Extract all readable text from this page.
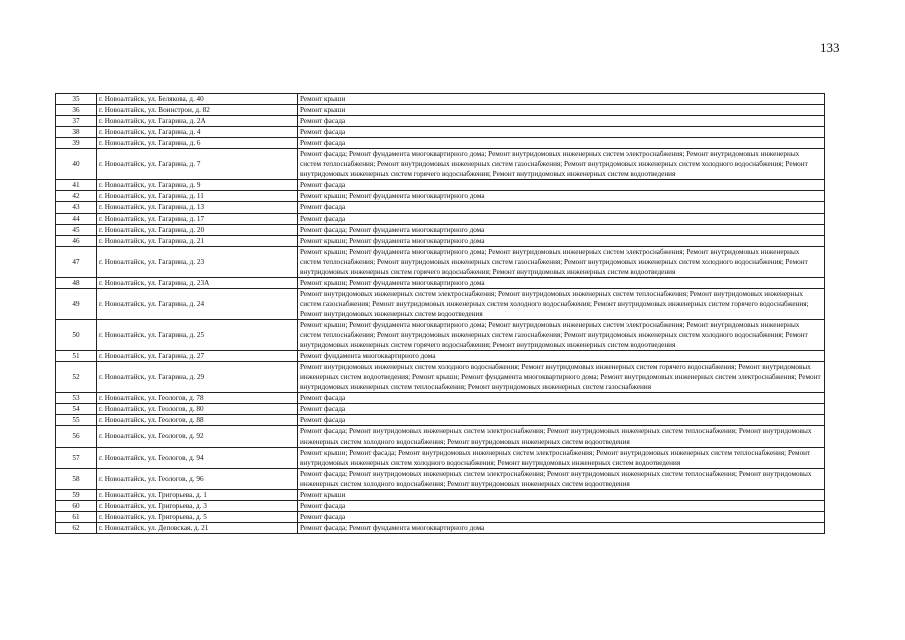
133
35	г. Новоалтайск, ул. Белякова, д. 40	Ремонт крыши
36	г. Новоалтайск, ул. Воинстрои, д. 82	Ремонт крыши
37	г. Новоалтайск, ул. Гагарина, д. 2А	Ремонт фасада
38	г. Новоалтайск, ул. Гагарина, д. 4	Ремонт фасада
39	г. Новоалтайск, ул. Гагарина, д. 6	Ремонт фасада
40	г. Новоалтайск, ул. Гагарина, д. 7	Ремонт фасада; Ремонт фундамента многоквартирного дома; Ремонт внутридомовых инженерных систем электроснабжения; Ремонт внутридомовых инженерных систем теплоснабжения; Ремонт внутридомовых инженерных систем газоснабжения; Ремонт внутридомовых инженерных систем холодного водоснабжения; Ремонт внутридомовых инженерных систем горячего водоснабжения; Ремонт внутридомовых инженерных систем водоотведения
41	г. Новоалтайск, ул. Гагарина, д. 9	Ремонт фасада
42	г. Новоалтайск, ул. Гагарина, д. 11	Ремонт крыши; Ремонт фундамента многоквартирного дома
43	г. Новоалтайск, ул. Гагарина, д. 13	Ремонт фасада
44	г. Новоалтайск, ул. Гагарина, д. 17	Ремонт фасада
45	г. Новоалтайск, ул. Гагарина, д. 20	Ремонт фасада; Ремонт фундамента многоквартирного дома
46	г. Новоалтайск, ул. Гагарина, д. 21	Ремонт крыши; Ремонт фундамента многоквартирного дома
47	г. Новоалтайск, ул. Гагарина, д. 23	Ремонт крыши; Ремонт фундамента многоквартирного дома; Ремонт внутридомовых инженерных систем электроснабжения; Ремонт внутридомовых инженерных систем теплоснабжения; Ремонт внутридомовых инженерных систем газоснабжения; Ремонт внутридомовых инженерных систем холодного водоснабжения; Ремонт внутридомовых инженерных систем горячего водоснабжения; Ремонт внутридомовых инженерных систем водоотведения
48	г. Новоалтайск, ул. Гагарина, д. 23А	Ремонт крыши; Ремонт фундамента многоквартирного дома
49	г. Новоалтайск, ул. Гагарина, д. 24	Ремонт внутридомовых инженерных систем электроснабжения; Ремонт внутридомовых инженерных систем теплоснабжения; Ремонт внутридомовых инженерных систем газоснабжения; Ремонт внутридомовых инженерных систем холодного водоснабжения; Ремонт внутридомовых инженерных систем горячего водоснабжения; Ремонт внутридомовых инженерных систем водоотведения
50	г. Новоалтайск, ул. Гагарина, д. 25	Ремонт крыши; Ремонт фундамента многоквартирного дома; Ремонт внутридомовых инженерных систем электроснабжения; Ремонт внутридомовых инженерных систем теплоснабжения; Ремонт внутридомовых инженерных систем газоснабжения; Ремонт внутридомовых инженерных систем холодного водоснабжения; Ремонт внутридомовых инженерных систем горячего водоснабжения; Ремонт внутридомовых инженерных систем водоотведения
51	г. Новоалтайск, ул. Гагарина, д. 27	Ремонт фундамента многоквартирного дома
52	г. Новоалтайск, ул. Гагарина, д. 29	Ремонт внутридомовых инженерных систем холодного водоснабжения; Ремонт внутридомовых инженерных систем горячего водоснабжения; Ремонт внутридомовых инженерных систем водоотведения; Ремонт крыши; Ремонт фундамента многоквартирного дома; Ремонт внутридомовых инженерных систем электроснабжения; Ремонт внутридомовых инженерных систем теплоснабжения; Ремонт внутридомовых инженерных систем газоснабжения
53	г. Новоалтайск, ул. Геологов, д. 78	Ремонт фасада
54	г. Новоалтайск, ул. Геологов, д. 80	Ремонт фасада
55	г. Новоалтайск, ул. Геологов, д. 88	Ремонт фасада
56	г. Новоалтайск, ул. Геологов, д. 92	Ремонт фасада; Ремонт внутридомовых инженерных систем электроснабжения; Ремонт внутридомовых инженерных систем теплоснабжения; Ремонт внутридомовых инженерных систем холодного водоснабжения; Ремонт внутридомовых инженерных систем водоотведения
57	г. Новоалтайск, ул. Геологов, д. 94	Ремонт крыши; Ремонт фасада; Ремонт внутридомовых инженерных систем электроснабжения; Ремонт внутридомовых инженерных систем теплоснабжения; Ремонт внутридомовых инженерных систем холодного водоснабжения; Ремонт внутридомовых инженерных систем водоотведения
58	г. Новоалтайск, ул. Геологов, д. 96	Ремонт фасада; Ремонт внутридомовых инженерных систем электроснабжения; Ремонт внутридомовых инженерных систем теплоснабжения; Ремонт внутридомовых инженерных систем холодного водоснабжения; Ремонт внутридомовых инженерных систем водоотведения
59	г. Новоалтайск, ул. Григорьева, д. 1	Ремонт крыши
60	г. Новоалтайск, ул. Григорьева, д. 3	Ремонт фасада
61	г. Новоалтайск, ул. Григорьева, д. 5	Ремонт фасада
62	г. Новоалтайск, ул. Деповская, д. 21	Ремонт фасада; Ремонт фундамента многоквартирного дома
